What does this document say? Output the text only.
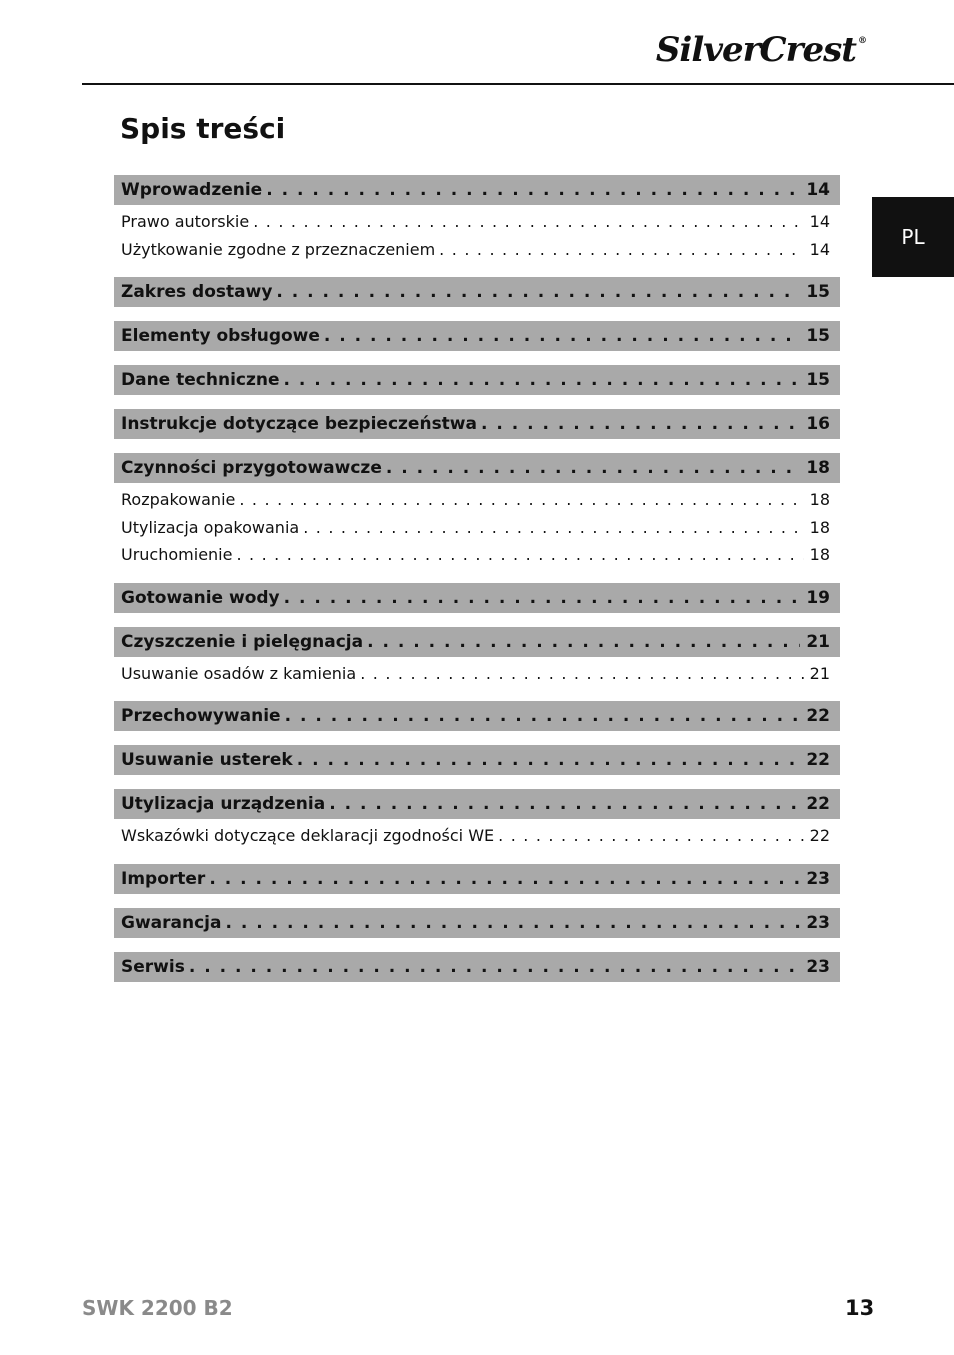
SilverCrest ®
Spis treści
PL
Wprowadzenie . . .	14
Prawo autorskie . . .	14
Użytkowanie zgodne z przeznaczeniem . . .	14
Zakres dostawy . . .	15
Elementy obsługowe . . .	15
Dane techniczne . . .	15
Instrukcje dotyczące bezpieczeństwa . . .	16
Czynności przygotowawcze . . .	18
Rozpakowanie . . .	18
Utylizacja opakowania . . .	18
Uruchomienie . . .	18
Gotowanie wody . . .	19
Czyszczenie i pielęgnacja . . .	21
Usuwanie osadów z kamienia . . .	21
Przechowywanie . . .	22
Usuwanie usterek . . .	22
Utylizacja urządzenia . . .	22
Wskazówki dotyczące deklaracji zgodności WE . . .	22
Importer . . .	23
Gwarancja . . .	23
Serwis . . .	23
SWK 2200 B2	13
